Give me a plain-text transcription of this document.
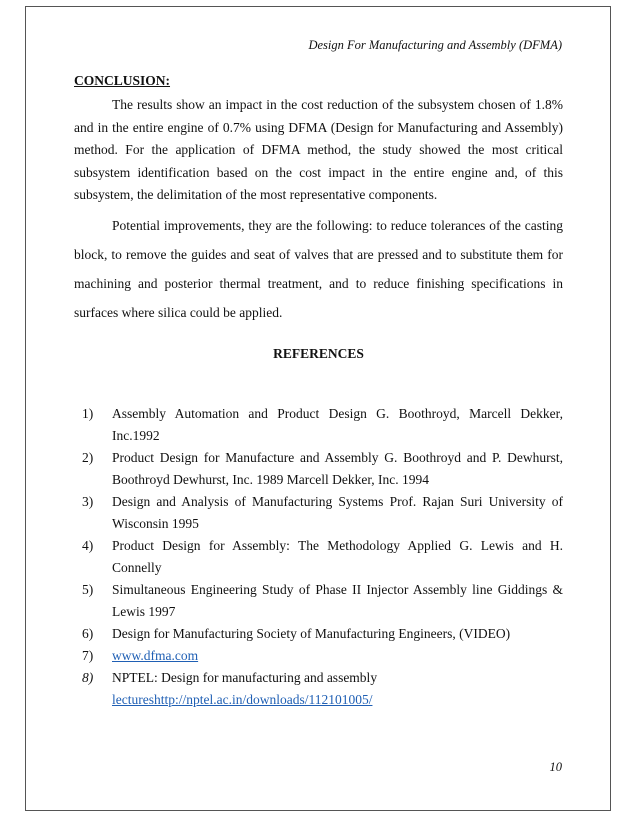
Design For Manufacturing and Assembly (DFMA)
CONCLUSION:

The results show an impact in the cost reduction of the subsystem chosen of 1.8% and in the entire engine of 0.7% using DFMA (Design for Manufacturing and Assembly) method. For the application of DFMA method, the study showed the most critical subsystem identification based on the cost impact in the entire engine and, of this subsystem, the delimitation of the most representative components.

Potential improvements, they are the following: to reduce tolerances of the casting block, to remove the guides and seat of valves that are pressed and to substitute them for machining and posterior thermal treatment, and to reduce finishing specifications in surfaces where silica could be applied.

REFERENCES
1)	Assembly Automation and Product Design G. Boothroyd, Marcell Dekker, Inc.1992
2)	Product Design for Manufacture and Assembly G. Boothroyd and P. Dewhurst, Boothroyd Dewhurst, Inc. 1989 Marcell Dekker, Inc. 1994
3)	Design and Analysis of Manufacturing Systems Prof. Rajan Suri University of Wisconsin 1995
4)	Product Design for Assembly: The Methodology Applied G. Lewis and H. Connelly
5)	Simultaneous Engineering Study of Phase II Injector Assembly line Giddings & Lewis 1997
6)	Design for Manufacturing Society of Manufacturing Engineers, (VIDEO)
7)	www.dfma.com
8)	NPTEL: Design for manufacturing and assembly
lectureshttp://nptel.ac.in/downloads/112101005/
10
